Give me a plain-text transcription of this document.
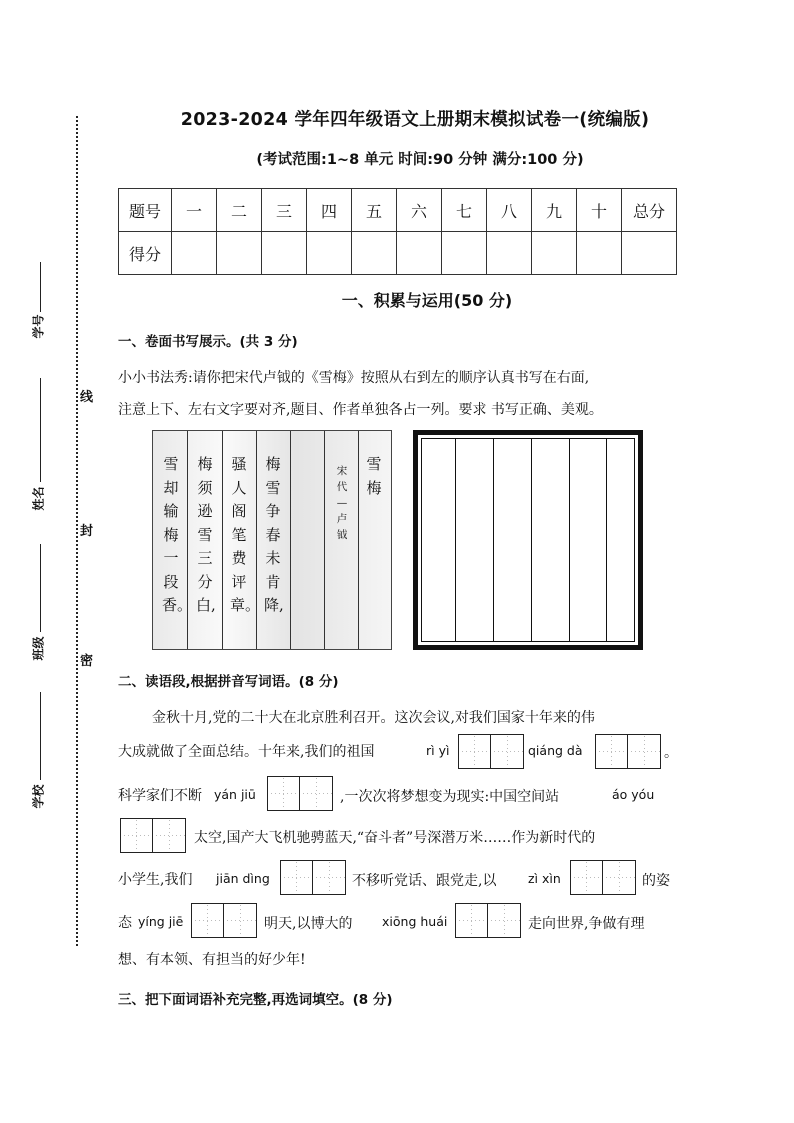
线
封
密
学号
姓名
班级
学校
2023-2024 学年四年级语文上册期末模拟试卷一(统编版)
(考试范围:1~8 单元 时间:90 分钟 满分:100 分)
题号	一	二	三	四	五	六	七	八	九	十	总分
得分											
一、积累与运用(50 分)
一、卷面书写展示。(共 3 分)
小小书法秀:请你把宋代卢钺的《雪梅》按照从右到左的顺序认真书写在右面,
注意上下、左右文字要对齐,题目、作者单独各占一列。要求 书写正确、美观。
雪却输梅一段香。
梅须逊雪三分白,
骚人阁笔费评章。
梅雪争春未肯降,
宋代—卢钺
雪梅
二、读语段,根据拼音写词语。(8 分)
金秋十月,党的二十大在北京胜利召开。这次会议,对我们国家十年来的伟
大成就做了全面总结。十年来,我们的祖国	rì yì	qiáng dà	。
科学家们不断 yán jiū	,一次次将梦想变为现实:中国空间站	áo yóu
太空,国产大飞机驰骋蓝天,“奋斗者”号深潜万米……作为新时代的
小学生,我们 jiān dìng	不移听党话、跟党走,以	zì xìn	的姿
态 yíng jiē	明天,以博大的 xiōng huái	走向世界,争做有理
想、有本领、有担当的好少年!
三、把下面词语补充完整,再选词填空。(8 分)
